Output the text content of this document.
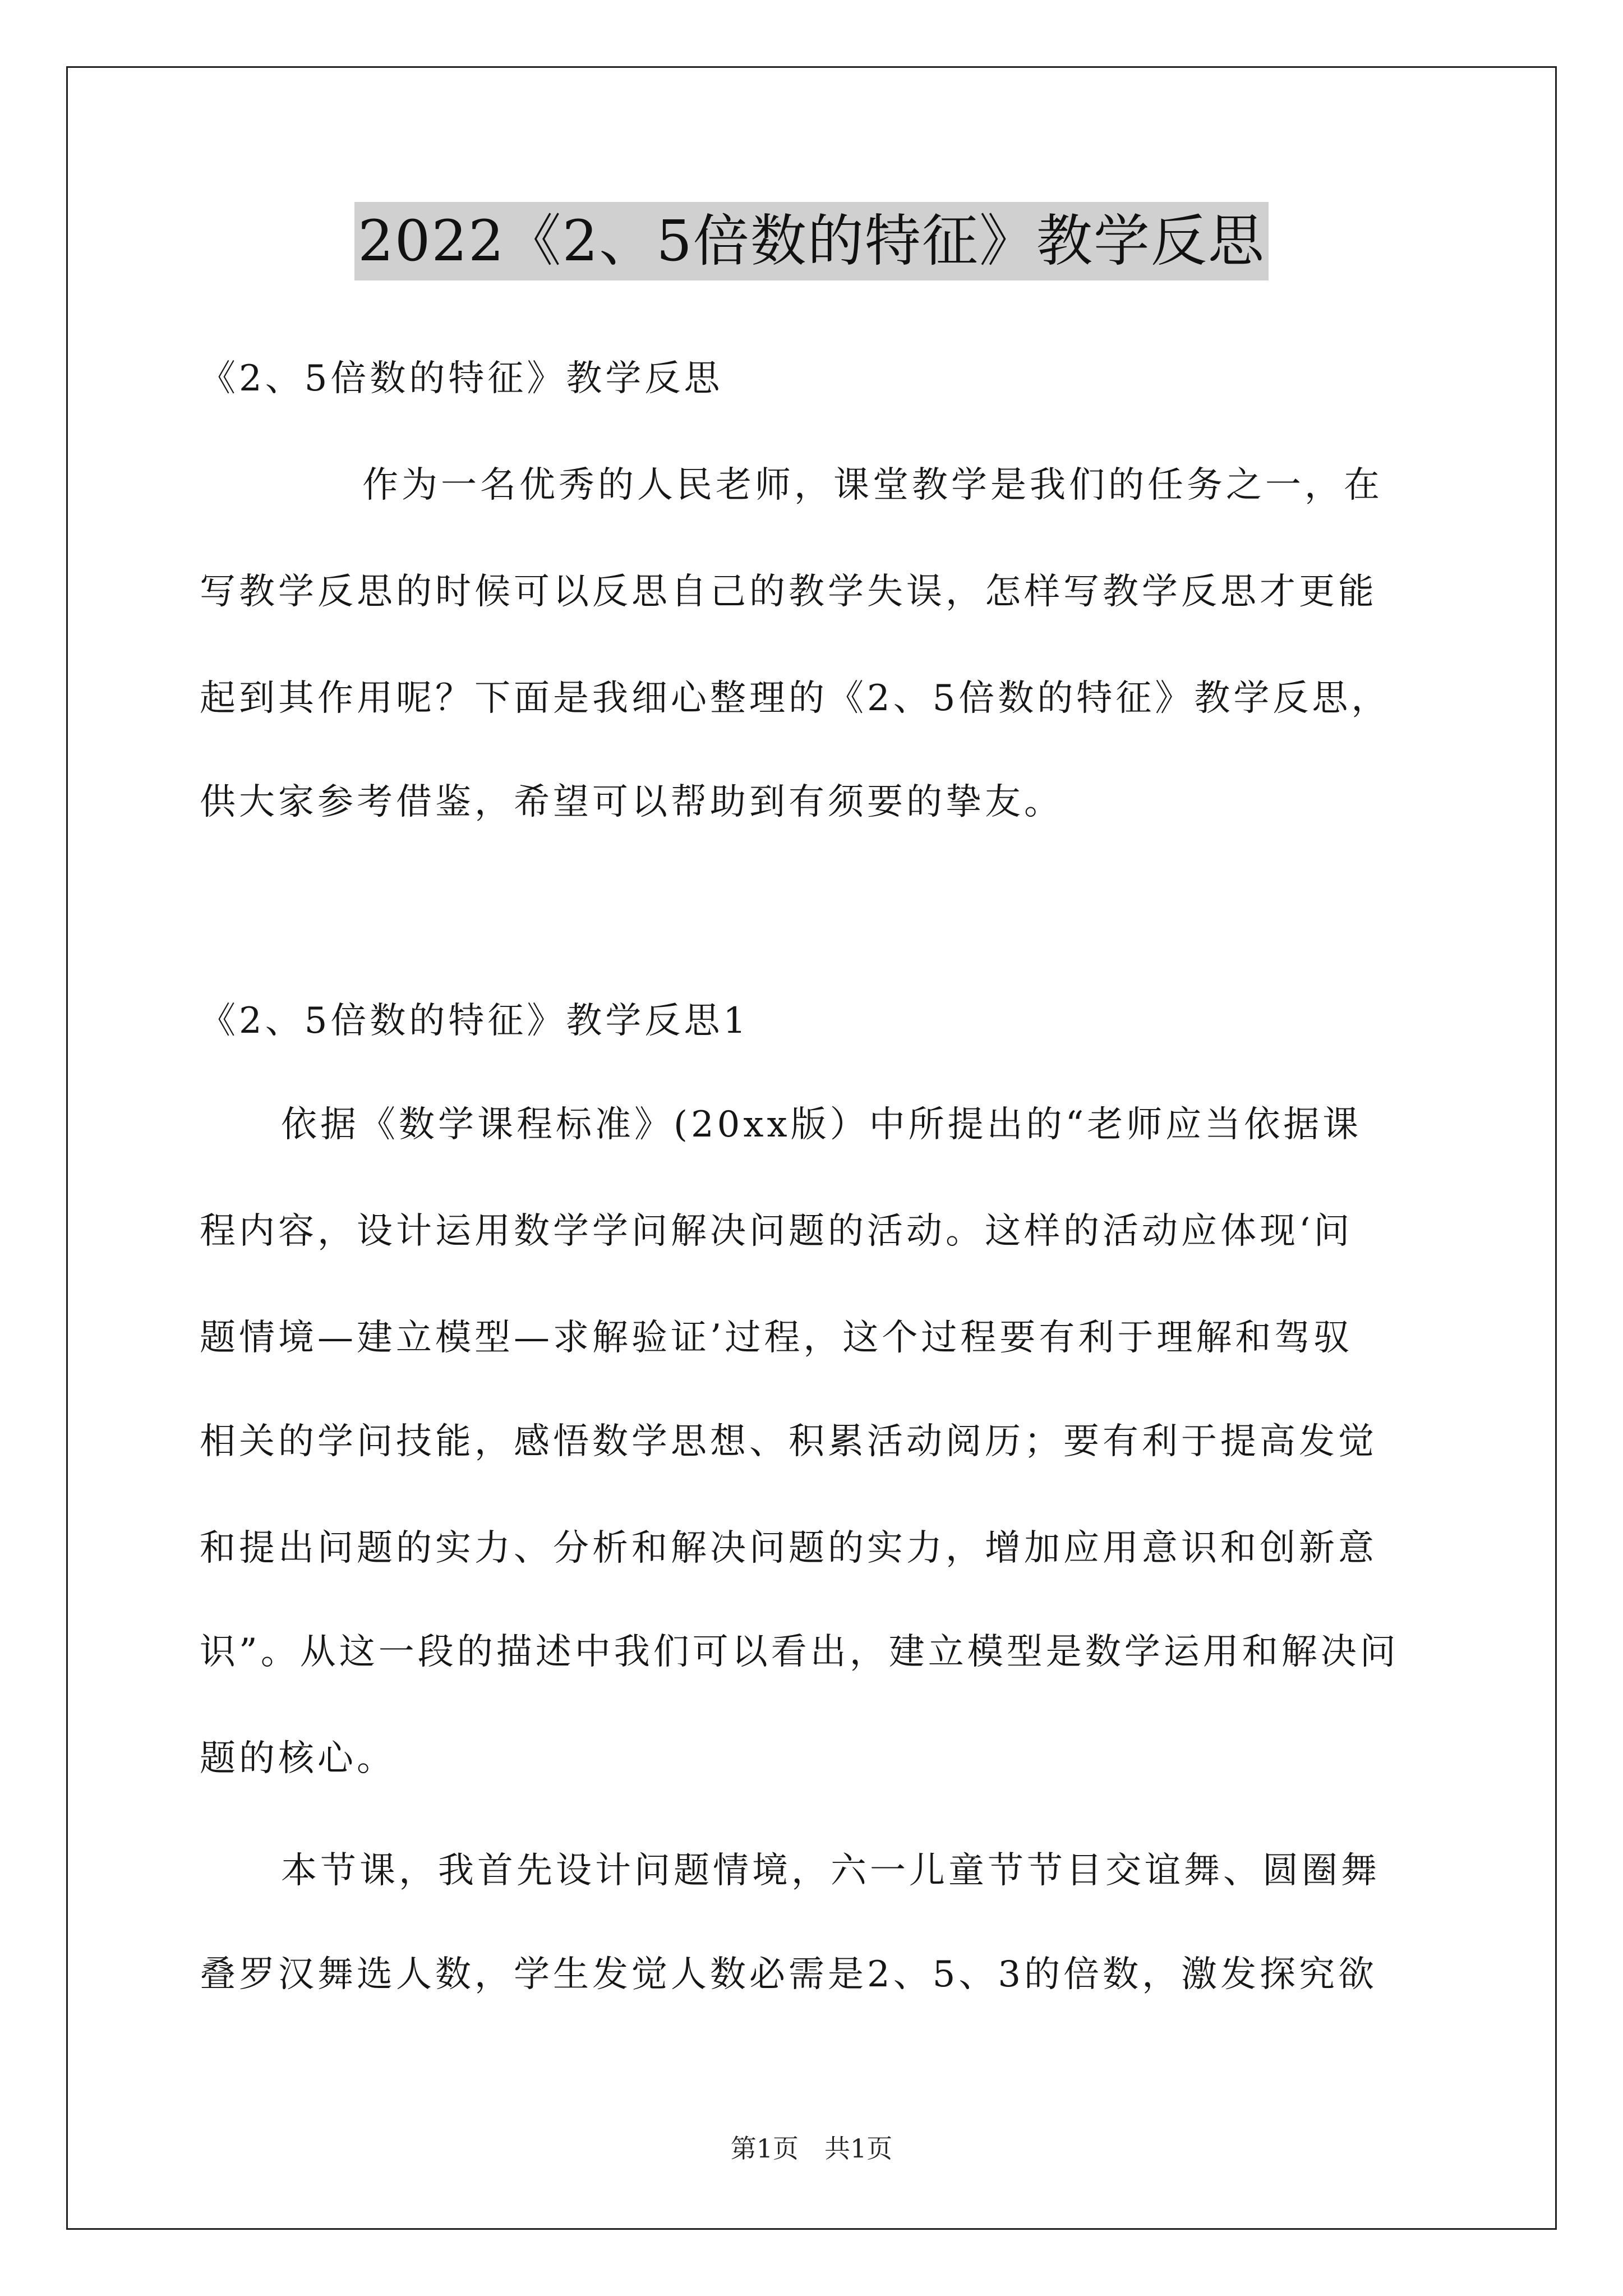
2022《2、5倍数的特征》教学反思
《2、5倍数的特征》教学反思
作为一名优秀的人民老师，课堂教学是我们的任务之一，在
写教学反思的时候可以反思自己的教学失误，怎样写教学反思才更能
起到其作用呢？下面是我细心整理的《2、5倍数的特征》教学反思，
供大家参考借鉴，希望可以帮助到有须要的挚友。
《2、5倍数的特征》教学反思1
依据《数学课程标准》(20xx版）中所提出的“老师应当依据课
程内容，设计运用数学学问解决问题的活动。这样的活动应体现‘问
题情境—建立模型—求解验证’过程，这个过程要有利于理解和驾驭
相关的学问技能，感悟数学思想、积累活动阅历；要有利于提高发觉
和提出问题的实力、分析和解决问题的实力，增加应用意识和创新意
识”。从这一段的描述中我们可以看出，建立模型是数学运用和解决问
题的核心。
本节课，我首先设计问题情境，六一儿童节节目交谊舞、圆圈舞
叠罗汉舞选人数，学生发觉人数必需是2、5、3的倍数，激发探究欲
第1页　共1页
